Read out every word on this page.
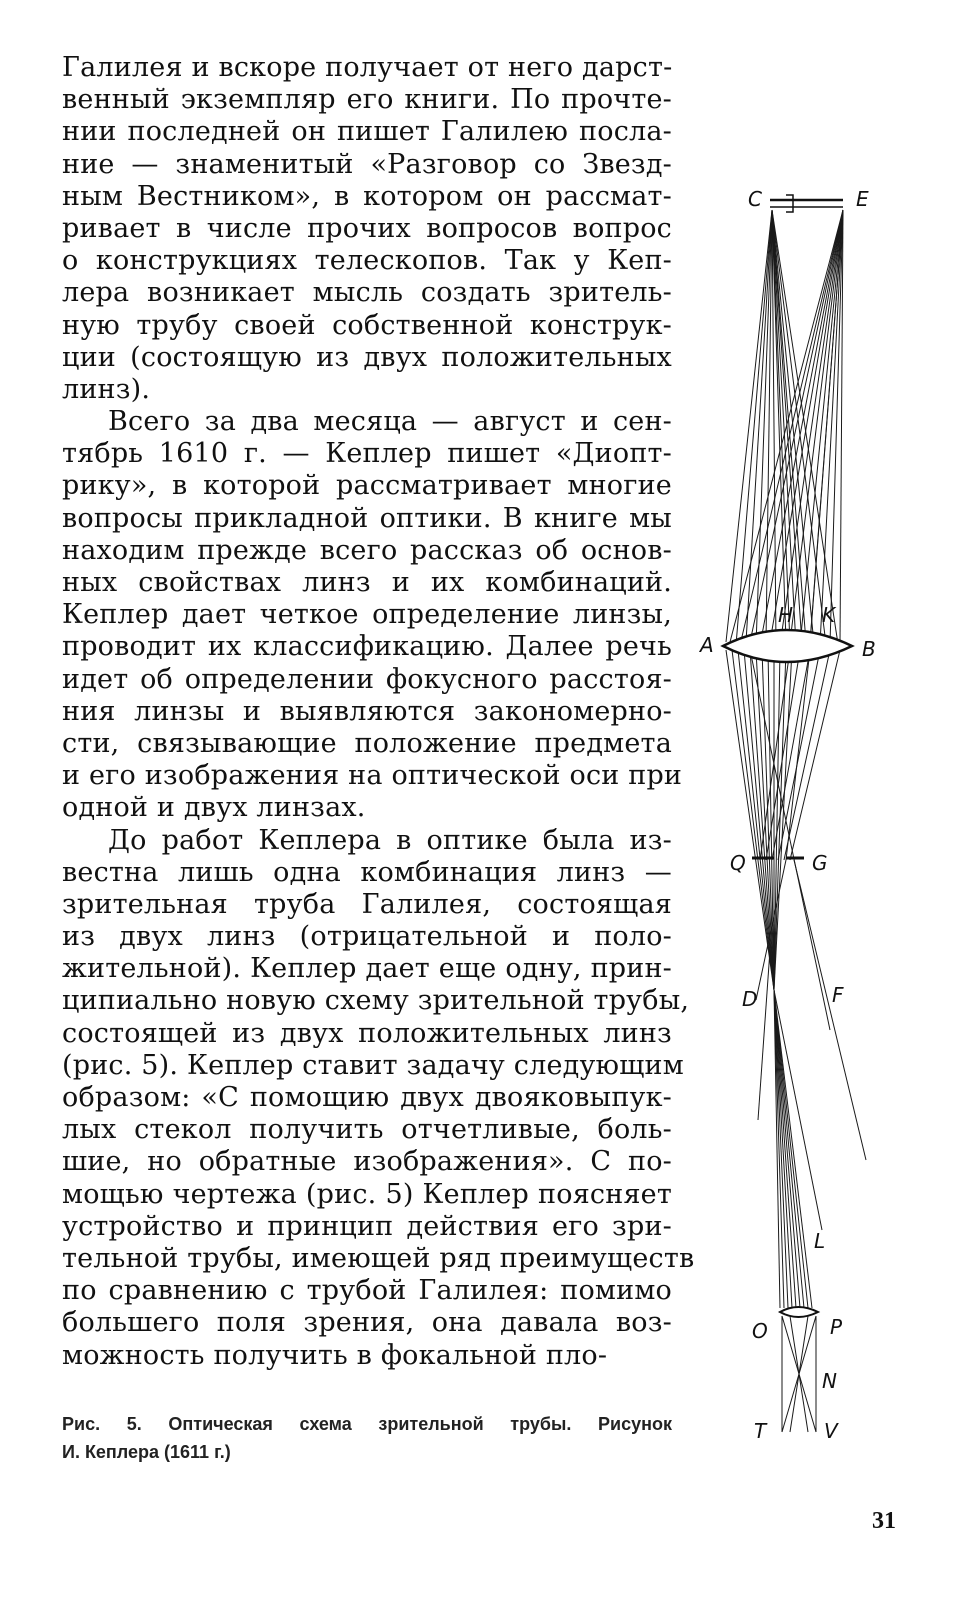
Галилея и вскоре получает от него дарст-
венный экземпляр его книги. По прочте-
нии последней он пишет Галилею посла-
ние — знаменитый «Разговор со Звезд-
ным Вестником», в котором он рассмат-
ривает в числе прочих вопросов вопрос
о конструкциях телескопов. Так у Кеп-
лера возникает мысль создать зритель-
ную трубу своей собственной конструк-
ции (состоящую из двух положительных
линз).
Всего за два месяца — август и сен-
тябрь 1610 г. — Кеплер пишет «Диопт-
рику», в которой рассматривает многие
вопросы прикладной оптики. В книге мы
находим прежде всего рассказ об основ-
ных свойствах линз и их комбинаций.
Кеплер дает четкое определение линзы,
проводит их классификацию. Далее речь
идет об определении фокусного расстоя-
ния линзы и выявляются закономерно-
сти, связывающие положение предмета
и его изображения на оптической оси при
одной и двух линзах.
До работ Кеплера в оптике была из-
вестна лишь одна комбинация линз —
зрительная труба Галилея, состоящая
из двух линз (отрицательной и поло-
жительной). Кеплер дает еще одну, прин-
ципиально новую схему зрительной трубы,
состоящей из двух положительных линз
(рис. 5). Кеплер ставит задачу следующим
образом: «С помощию двух двояковыпук-
лых стекол получить отчетливые, боль-
шие, но обратные изображения». С по-
мощью чертежа (рис. 5) Кеплер поясняет
устройство и принцип действия его зри-
тельной трубы, имеющей ряд преимуществ
по сравнению с трубой Галилея: помимо
большего поля зрения, она давала воз-
можность получить в фокальной пло-
C	E
H K
A	B
Q	G
D	F
L
O	P
N
T	V
Рис. 5. Оптическая схема зрительной трубы. Рисунок
И. Кеплера (1611 г.)
31
